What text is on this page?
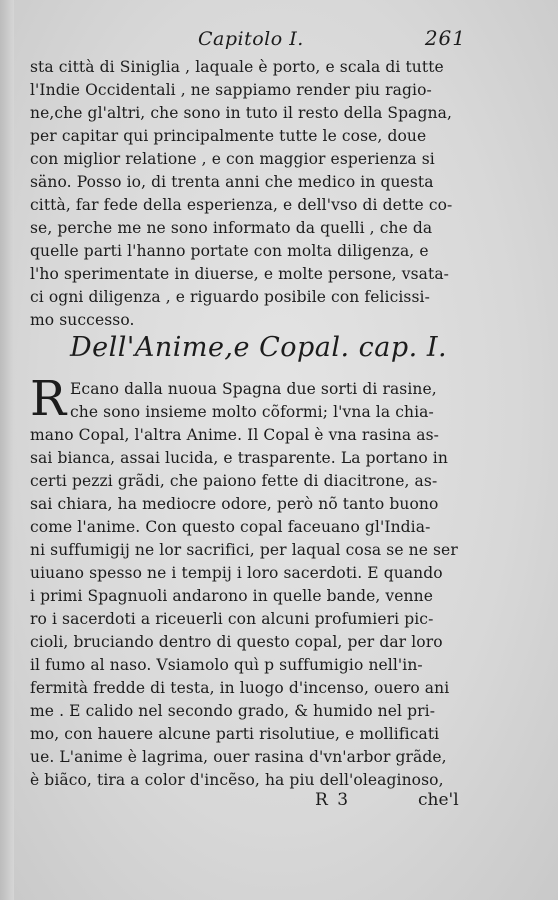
Capitolo I.	261
sta città di Siniglia , laquale è porto, e scala di tutte
l'Indie Occidentali , ne sappiamo render piu ragio-
ne,che gl'altri, che sono in tuto il resto della Spagna,
per capitar qui principalmente tutte le cose, doue
con miglior relatione , e con maggior esperienza si
säno. Posso io, di trenta anni che medico in questa
città, far fede della esperienza, e dell'vso di dette co-
se, perche me ne sono informato da quelli , che da
quelle parti l'hanno portate con molta diligenza, e
l'ho sperimentate in diuerse, e molte persone, vsata-
ci ogni diligenza , e riguardo posibile con felicissi-
mo successo.
Dell'Anime,e Copal. cap. I.
R Ecano dalla nuoua Spagna due sorti di rasine,
che sono insieme molto cõformi; l'vna la chia-
mano Copal, l'altra Anime. Il Copal è vna rasina as-
sai bianca, assai lucida, e trasparente. La portano in
certi pezzi grãdi, che paiono fette di diacitrone, as-
sai chiara, ha mediocre odore, però nõ tanto buono
come l'anime. Con questo copal faceuano gl'India-
ni suffumigij ne lor sacrifici, per laqual cosa se ne ser
uiuano spesso ne i tempij i loro sacerdoti. E quando
i primi Spagnuoli andarono in quelle bande, venne
ro i sacerdoti a riceuerli con alcuni profumieri pic-
cioli, bruciando dentro di questo copal, per dar loro
il fumo al naso. Vsiamolo quì p suffumigio nell'in-
fermità fredde di testa, in luogo d'incenso, ouero ani
me . E calido nel secondo grado, & humido nel pri-
mo, con hauere alcune parti risolutiue, e mollificati
ue. L'anime è lagrima, ouer rasina d'vn'arbor grãde,
è biãco, tira a color d'incẽso, ha piu dell'oleaginoso,
R 3	che'l
